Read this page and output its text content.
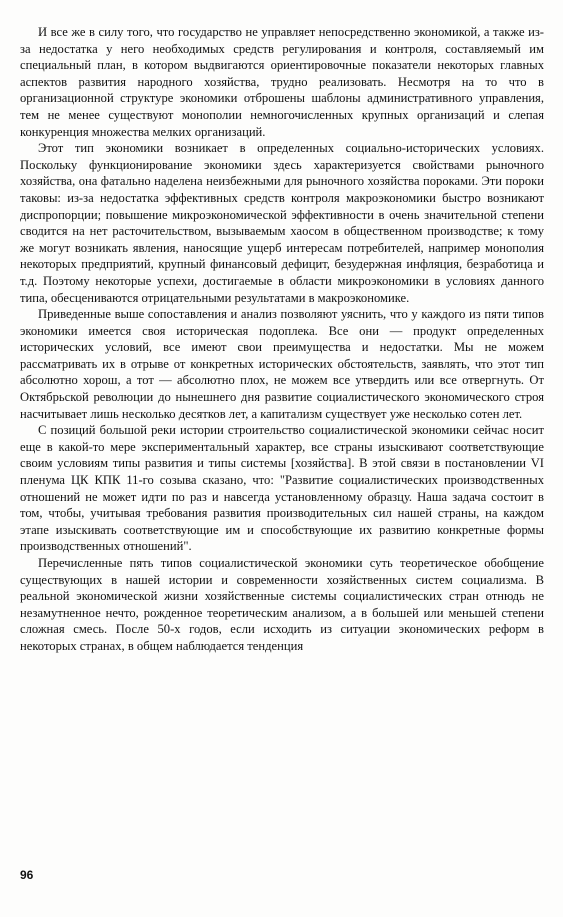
И все же в силу того, что государство не управляет непосредственно экономикой, а также из-за недостатка у него необходимых средств регулирования и контроля, составляемый им специальный план, в котором выдвигаются ориентировочные показатели некоторых главных аспектов развития народного хозяйства, трудно реализовать. Несмотря на то что в организационной структуре экономики отброшены шаблоны административного управления, тем не менее существуют монополии немногочисленных крупных организаций и слепая конкуренция множества мелких организаций.

Этот тип экономики возникает в определенных социально-исторических условиях. Поскольку функционирование экономики здесь характеризуется свойствами рыночного хозяйства, она фатально наделена неизбежными для рыночного хозяйства пороками. Эти пороки таковы: из-за недостатка эффективных средств контроля макроэкономики быстро возникают диспропорции; повышение микроэкономической эффективности в очень значительной степени сводится на нет расточительством, вызываемым хаосом в общественном производстве; к тому же могут возникать явления, наносящие ущерб интересам потребителей, например монополия некоторых предприятий, крупный финансовый дефицит, безудержная инфляция, безработица и т.д. Поэтому некоторые успехи, достигаемые в области микроэкономики в условиях данного типа, обесцениваются отрицательными результатами в макроэкономике.

Приведенные выше сопоставления и анализ позволяют уяснить, что у каждого из пяти типов экономики имеется своя историческая подоплека. Все они — продукт определенных исторических условий, все имеют свои преимущества и недостатки. Мы не можем рассматривать их в отрыве от конкретных исторических обстоятельств, заявлять, что этот тип абсолютно хорош, а тот — абсолютно плох, не можем все утвердить или все отвергнуть. От Октябрьской революции до нынешнего дня развитие социалистического экономического строя насчитывает лишь несколько десятков лет, а капитализм существует уже несколько сотен лет.

С позиций большой реки истории строительство социалистической экономики сейчас носит еще в какой-то мере экспериментальный характер, все страны изыскивают соответствующие своим условиям типы развития и типы системы [хозяйства]. В этой связи в постановлении VI пленума ЦК КПК 11-го созыва сказано, что: "Развитие социалистических производственных отношений не может идти по раз и навсегда установленному образцу. Наша задача состоит в том, чтобы, учитывая требования развития производительных сил нашей страны, на каждом этапе изыскивать соответствующие им и способствующие их развитию конкретные формы производственных отношений".

Перечисленные пять типов социалистической экономики суть теоретическое обобщение существующих в нашей истории и современности хозяйственных систем социализма. В реальной экономической жизни хозяйственные системы социалистических стран отнюдь не незамутненное нечто, рожденное теоретическим анализом, а в большей или меньшей степени сложная смесь. После 50-х годов, если исходить из ситуации экономических реформ в некоторых странах, в общем наблюдается тенденция

96
